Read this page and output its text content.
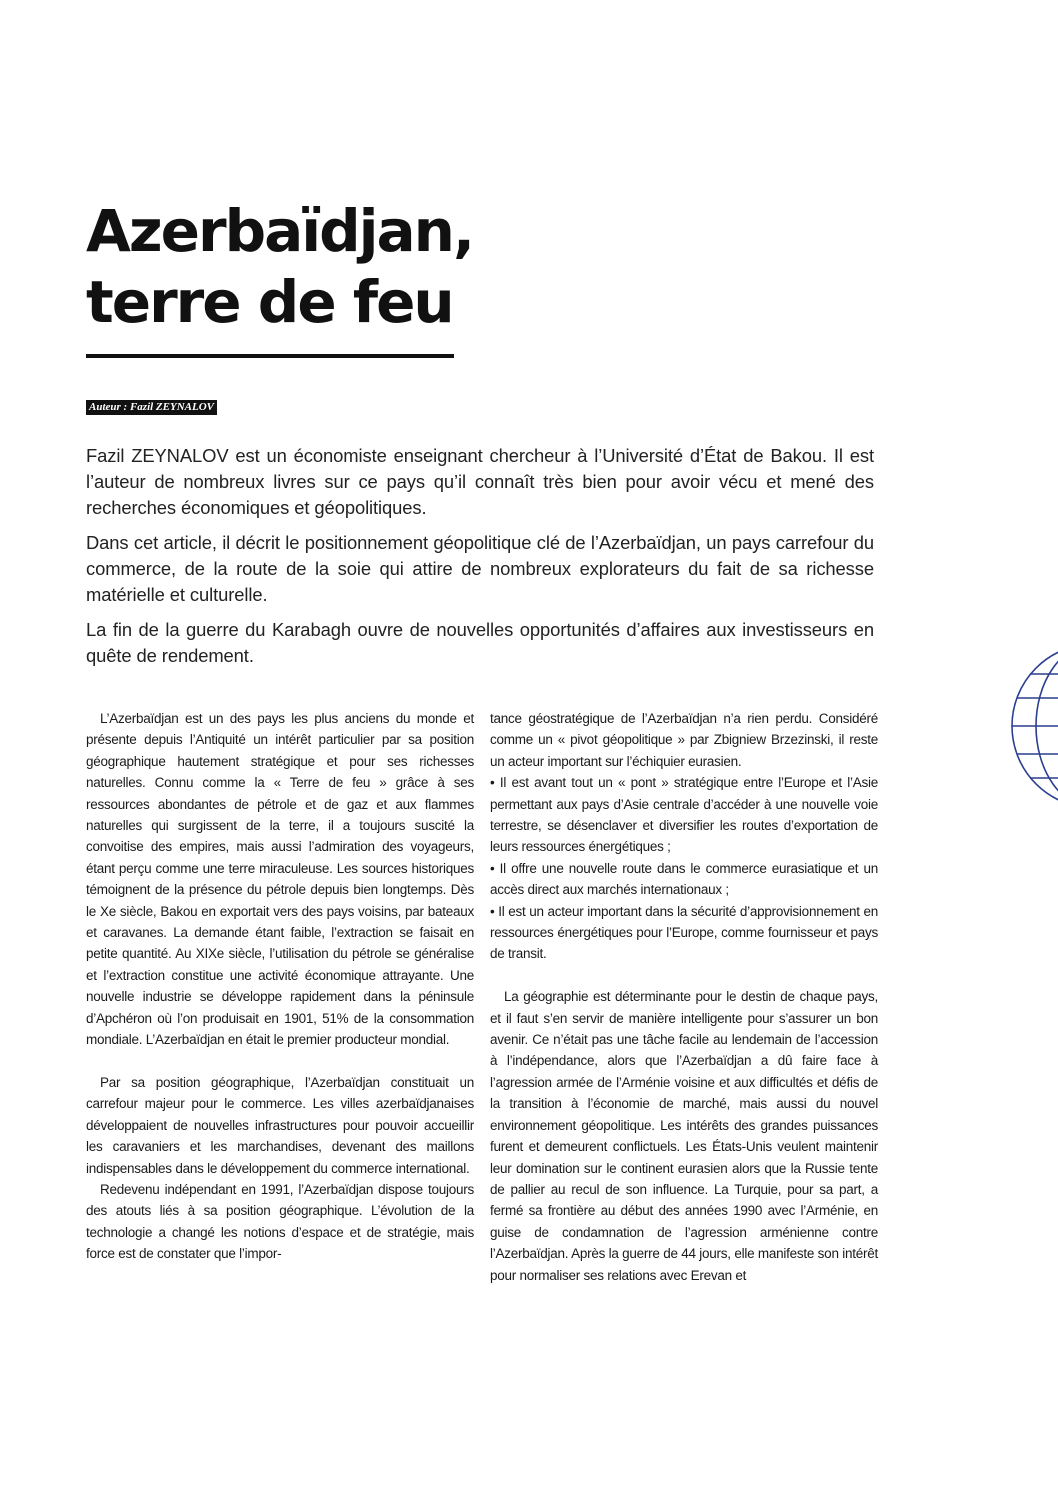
Azerbaïdjan,
terre de feu
Auteur : Fazil ZEYNALOV

Fazil ZEYNALOV est un économiste enseignant chercheur à l’Université d’État de Bakou. Il est l’auteur de nombreux livres sur ce pays qu’il connaît très bien pour avoir vécu et mené des recherches économiques et géopolitiques.

Dans cet article, il décrit le positionnement géopolitique clé de l’Azerbaïdjan, un pays carrefour du commerce, de la route de la soie qui attire de nombreux explorateurs du fait de sa richesse matérielle et culturelle.

La fin de la guerre du Karabagh ouvre de nouvelles opportunités d’affaires aux investisseurs en quête de rendement.

L’Azerbaïdjan est un des pays les plus anciens du monde et présente depuis l’Antiquité un intérêt particulier par sa position géographique hautement stratégique et pour ses richesses naturelles. Connu comme la « Terre de feu » grâce à ses ressources abondantes de pétrole et de gaz et aux flammes naturelles qui surgissent de la terre, il a toujours suscité la convoitise des empires, mais aussi l’admiration des voyageurs, étant perçu comme une terre miraculeuse. Les sources historiques témoignent de la présence du pétrole depuis bien longtemps. Dès le Xe siècle, Bakou en exportait vers des pays voisins, par bateaux et caravanes. La demande étant faible, l’extraction se faisait en petite quantité. Au XIXe siècle, l’utilisation du pétrole se généralise et l’extraction constitue une activité économique attrayante. Une nouvelle industrie se développe rapidement dans la péninsule d’Apchéron où l’on produisait en 1901, 51% de la consommation mondiale. L’Azerbaïdjan en était le premier producteur mondial.

Par sa position géographique, l’Azerbaïdjan constituait un carrefour majeur pour le commerce. Les villes azerbaïdjanaises développaient de nouvelles infrastructures pour pouvoir accueillir les caravaniers et les marchandises, devenant des maillons indispensables dans le développement du commerce international.

Redevenu indépendant en 1991, l’Azerbaïdjan dispose toujours des atouts liés à sa position géographique. L’évolution de la technologie a changé les notions d’espace et de stratégie, mais force est de constater que l’impor-

tance géostratégique de l’Azerbaïdjan n’a rien perdu. Considéré comme un « pivot géopolitique » par Zbigniew Brzezinski, il reste un acteur important sur l’échiquier eurasien.

• Il est avant tout un « pont » stratégique entre l’Europe et l’Asie permettant aux pays d’Asie centrale d’accéder à une nouvelle voie terrestre, se désenclaver et diversifier les routes d’exportation de leurs ressources énergétiques ;

• Il offre une nouvelle route dans le commerce eurasiatique et un accès direct aux marchés internationaux ;

• Il est un acteur important dans la sécurité d’approvisionnement en ressources énergétiques pour l’Europe, comme fournisseur et pays de transit.

La géographie est déterminante pour le destin de chaque pays, et il faut s’en servir de manière intelligente pour s’assurer un bon avenir. Ce n’était pas une tâche facile au lendemain de l’accession à l’indépendance, alors que l’Azerbaïdjan a dû faire face à l’agression armée de l’Arménie voisine et aux difficultés et défis de la transition à l’économie de marché, mais aussi du nouvel environnement géopolitique. Les intérêts des grandes puissances furent et demeurent conflictuels. Les États-Unis veulent maintenir leur domination sur le continent eurasien alors que la Russie tente de pallier au recul de son influence. La Turquie, pour sa part, a fermé sa frontière au début des années 1990 avec l’Arménie, en guise de condamnation de l’agression arménienne contre l’Azerbaïdjan. Après la guerre de 44 jours, elle manifeste son intérêt pour normaliser ses relations avec Erevan et
